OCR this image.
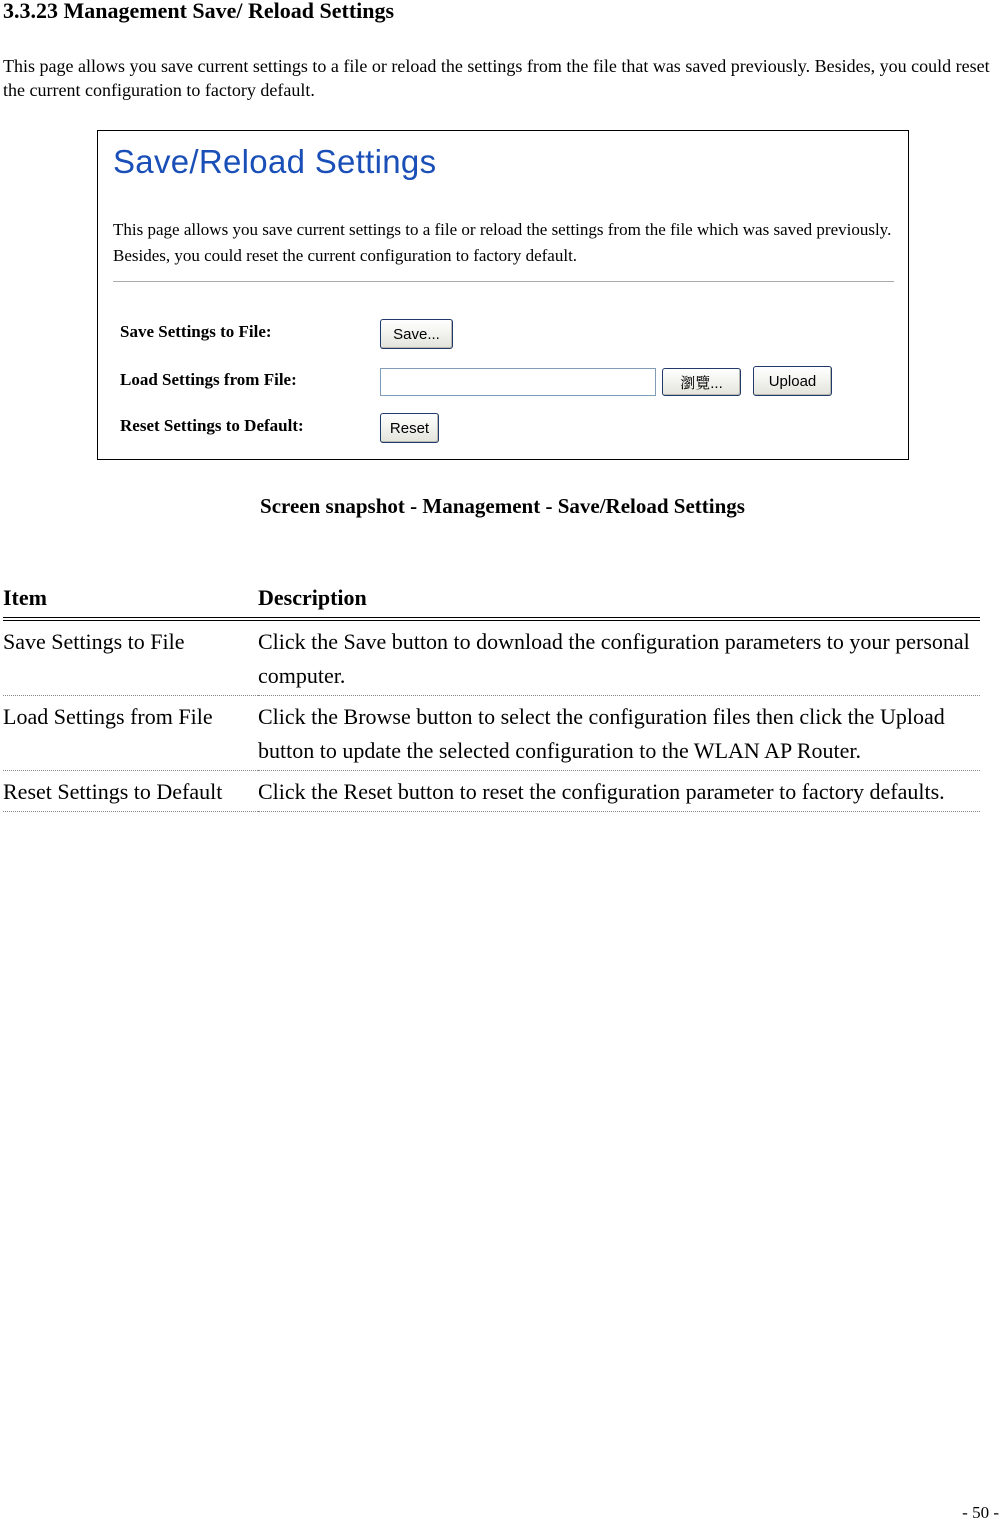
3.3.23 Management Save/ Reload Settings

This page allows you save current settings to a file or reload the settings from the file that was saved previously. Besides, you could reset the current configuration to factory default.

Save/Reload Settings

This page allows you save current settings to a file or reload the settings from the file which was saved previously. Besides, you could reset the current configuration to factory default.

Save Settings to File:	Save...
Load Settings from File:	瀏覽...	Upload
Reset Settings to Default:	Reset

Screen snapshot - Management - Save/Reload Settings

Item	Description
Save Settings to File	Click the Save button to download the configuration parameters to your personal computer.
Load Settings from File	Click the Browse button to select the configuration files then click the Upload button to update the selected configuration to the WLAN AP Router.
Reset Settings to Default	Click the Reset button to reset the configuration parameter to factory defaults.
- 50 -
